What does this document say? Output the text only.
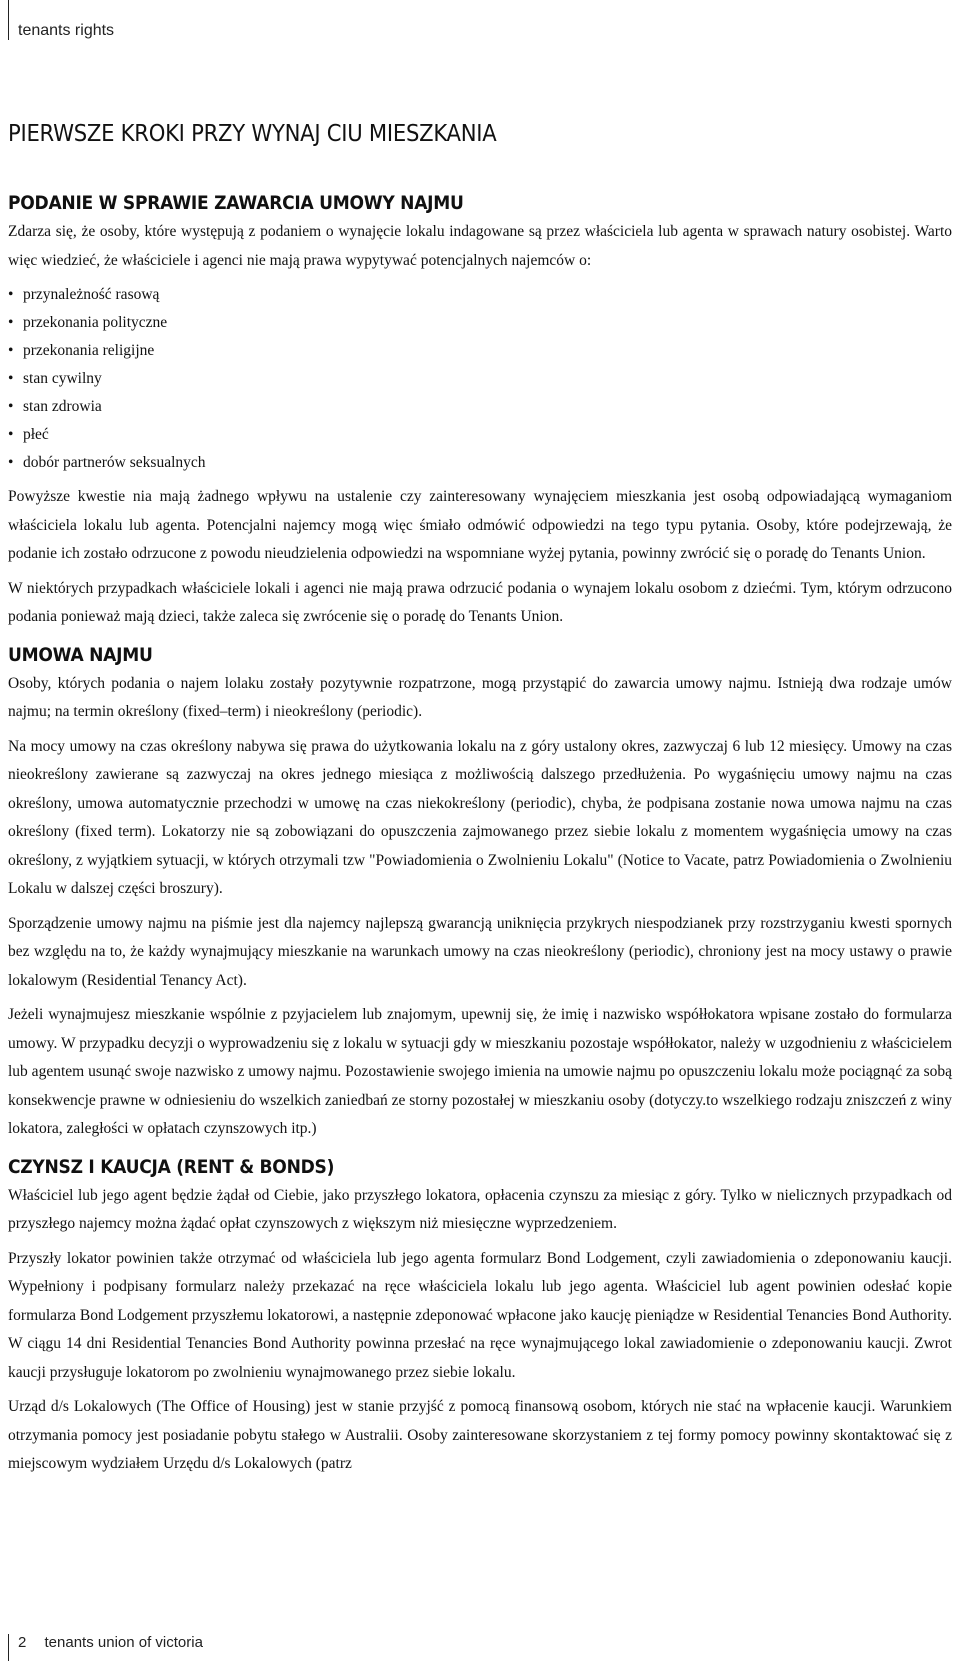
tenants rights
PIERWSZE KROKI PRZY WYNAJ CIU MIESZKANIA
PODANIE W SPRAWIE ZAWARCIA UMOWY NAJMU

Zdarza się, że osoby, które występują z podaniem o wynajęcie lokalu indagowane są przez właściciela lub agenta w sprawach natury osobistej. Warto więc wiedzieć, że właściciele i agenci nie mają prawa wypytywać potencjalnych najemców o:

• przynależność rasową
• przekonania polityczne
• przekonania religijne
• stan cywilny
• stan zdrowia
• płeć
• dobór partnerów seksualnych

Powyższe kwestie nia mają żadnego wpływu na ustalenie czy zainteresowany wynajęciem mieszkania jest osobą odpowiadającą wymaganiom właściciela lokalu lub agenta. Potencjalni najemcy mogą więc śmiało odmówić odpowiedzi na tego typu pytania. Osoby, które podejrzewają, że podanie ich zostało odrzucone z powodu nieudzielenia odpowiedzi na wspomniane wyżej pytania, powinny zwrócić się o poradę do Tenants Union.

W niektórych przypadkach właściciele lokali i agenci nie mają prawa odrzucić podania o wynajem lokalu osobom z dziećmi. Tym, którym odrzucono podania ponieważ mają dzieci, także zaleca się zwrócenie się o poradę do Tenants Union.

UMOWA NAJMU

Osoby, których podania o najem lolaku zostały pozytywnie rozpatrzone, mogą przystąpić do zawarcia umowy najmu. Istnieją dwa rodzaje umów najmu; na termin określony (fixed–term) i nieokreślony (periodic).

Na mocy umowy na czas określony nabywa się prawa do użytkowania lokalu na z góry ustalony okres, zazwyczaj 6 lub 12 miesięcy. Umowy na czas nieokreślony zawierane są zazwyczaj na okres jednego miesiąca z możliwością dalszego przedłużenia. Po wygaśnięciu umowy najmu na czas określony, umowa automatycznie przechodzi w umowę na czas niekokreślony (periodic), chyba, że podpisana zostanie nowa umowa najmu na czas określony (fixed term). Lokatorzy nie są zobowiązani do opuszczenia zajmowanego przez siebie lokalu z momentem wygaśnięcia umowy na czas określony, z wyjątkiem sytuacji, w których otrzymali tzw "Powiadomienia o Zwolnieniu Lokalu" (Notice to Vacate, patrz Powiadomienia o Zwolnieniu Lokalu w dalszej części broszury).

Sporządzenie umowy najmu na piśmie jest dla najemcy najlepszą gwarancją uniknięcia przykrych niespodzianek przy rozstrzyganiu kwesti spornych bez względu na to, że każdy wynajmujący mieszkanie na warunkach umowy na czas nieokreślony (periodic), chroniony jest na mocy ustawy o prawie lokalowym (Residential Tenancy Act).

Jeżeli wynajmujesz mieszkanie wspólnie z pzyjacielem lub znajomym, upewnij się, że imię i nazwisko współłokatora wpisane zostało do formularza umowy. W przypadku decyzji o wyprowadzeniu się z lokalu w sytuacji gdy w mieszkaniu pozostaje współłokator, należy w uzgodnieniu z właścicielem lub agentem usunąć swoje nazwisko z umowy najmu. Pozostawienie swojego imienia na umowie najmu po opuszczeniu lokalu może pociągnąć za sobą konsekwencje prawne w odniesieniu do wszelkich zaniedbań ze storny pozostałej w mieszkaniu osoby (dotyczy.to wszelkiego rodzaju zniszczeń z winy lokatora, zaległości w opłatach czynszowych itp.)

CZYNSZ I KAUCJA (RENT & BONDS)

Właściciel lub jego agent będzie żądał od Ciebie, jako przyszłego lokatora, opłacenia czynszu za miesiąc z góry. Tylko w nielicznych przypadkach od przyszłego najemcy można żądać opłat czynszowych z większym niż miesięczne wyprzedzeniem.

Przyszły lokator powinien także otrzymać od właściciela lub jego agenta formularz Bond Lodgement, czyli zawiadomienia o zdeponowaniu kaucji. Wypełniony i podpisany formularz należy przekazać na ręce właściciela lokalu lub jego agenta. Właściciel lub agent powinien odesłać kopie formularza Bond Lodgement przyszłemu lokatorowi, a następnie zdeponować wpłacone jako kaucję pieniądze w Residential Tenancies Bond Authority. W ciągu 14 dni Residential Tenancies Bond Authority powinna przesłać na ręce wynajmującego lokal zawiadomienie o zdeponowaniu kaucji. Zwrot kaucji przysługuje lokatorom po zwolnieniu wynajmowanego przez siebie lokalu.

Urząd d/s Lokalowych (The Office of Housing) jest w stanie przyjść z pomocą finansową osobom, których nie stać na wpłacenie kaucji. Warunkiem otrzymania pomocy jest posiadanie pobytu stałego w Australii. Osoby zainteresowane skorzystaniem z tej formy pomocy powinny skontaktować się z miejscowym wydziałem Urzędu d/s Lokalowych (patrz

2 tenants union of victoria
